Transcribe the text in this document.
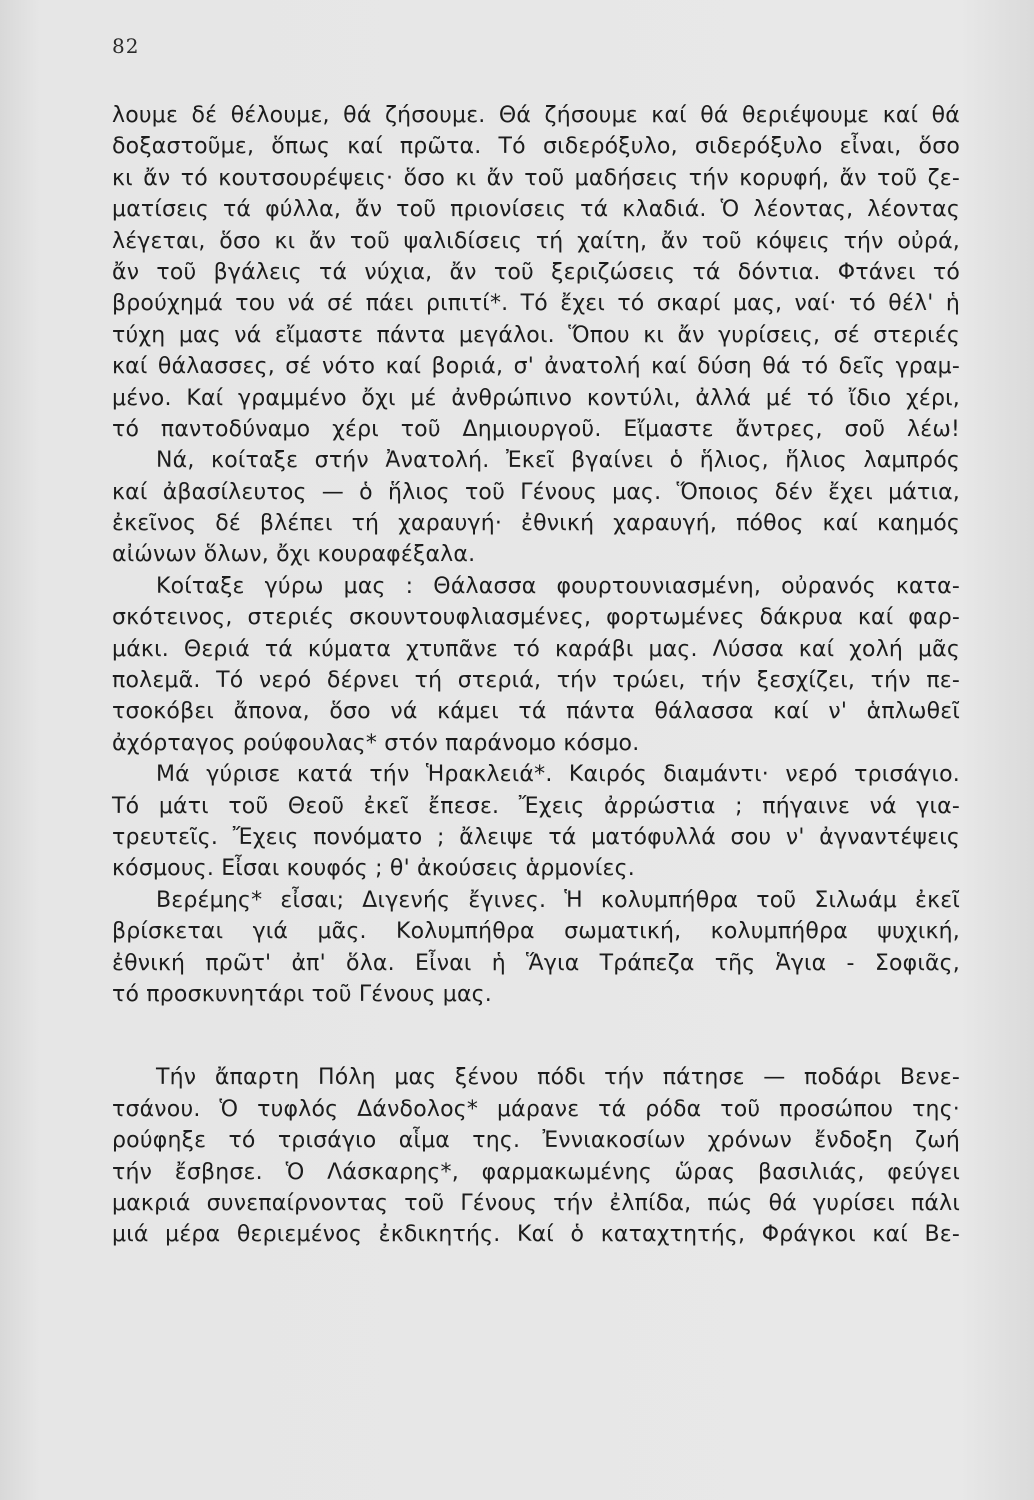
82
λουμε δέ θέλουμε, θά ζήσουμε. Θά ζήσουμε καί θά θεριέψουμε καί θά
δοξαστοῦμε, ὅπως καί πρῶτα. Τό σιδερόξυλο, σιδερόξυλο εἶναι, ὅσο
κι ἄν τό κουτσουρέψεις· ὅσο κι ἄν τοῦ μαδήσεις τήν κορυφή, ἄν τοῦ ζε-
ματίσεις τά φύλλα, ἄν τοῦ πριονίσεις τά κλαδιά. Ὁ λέοντας, λέοντας
λέγεται, ὅσο κι ἄν τοῦ ψαλιδίσεις τή χαίτη, ἄν τοῦ κόψεις τήν οὐρά,
ἄν τοῦ βγάλεις τά νύχια, ἄν τοῦ ξεριζώσεις τά δόντια. Φτάνει τό
βρούχημά του νά σέ πάει ριπιτί*. Τό ἔχει τό σκαρί μας, ναί· τό θέλ' ἡ
τύχη μας νά εἴμαστε πάντα μεγάλοι. Ὅπου κι ἄν γυρίσεις, σέ στεριές
καί θάλασσες, σέ νότο καί βοριά, σ' ἀνατολή καί δύση θά τό δεῖς γραμ-
μένο. Καί γραμμένο ὄχι μέ ἀνθρώπινο κοντύλι, ἀλλά μέ τό ἴδιο χέρι,
τό παντοδύναμο χέρι τοῦ Δημιουργοῦ. Εἴμαστε ἄντρες, σοῦ λέω!
Νά, κοίταξε στήν Ἀνατολή. Ἐκεῖ βγαίνει ὁ ἥλιος, ἥλιος λαμπρός
καί ἀβασίλευτος — ὁ ἥλιος τοῦ Γένους μας. Ὅποιος δέν ἔχει μάτια,
ἐκεῖνος δέ βλέπει τή χαραυγή· ἐθνική χαραυγή, πόθος καί καημός
αἰώνων ὅλων, ὄχι κουραφέξαλα.
Κοίταξε γύρω μας : Θάλασσα φουρτουνιασμένη, οὐρανός κατα-
σκότεινος, στεριές σκουντουφλιασμένες, φορτωμένες δάκρυα καί φαρ-
μάκι. Θεριά τά κύματα χτυπᾶνε τό καράβι μας. Λύσσα καί χολή μᾶς
πολεμᾶ. Τό νερό δέρνει τή στεριά, τήν τρώει, τήν ξεσχίζει, τήν πε-
τσοκόβει ἄπονα, ὅσο νά κάμει τά πάντα θάλασσα καί ν' ἁπλωθεῖ
ἀχόρταγος ρούφουλας* στόν παράνομο κόσμο.
Μά γύρισε κατά τήν Ἡρακλειά*. Καιρός διαμάντι· νερό τρισάγιο.
Τό μάτι τοῦ Θεοῦ ἐκεῖ ἔπεσε. Ἔχεις ἀρρώστια ; πήγαινε νά για-
τρευτεῖς. Ἔχεις πονόματο ; ἄλειψε τά ματόφυλλά σου ν' ἀγναντέψεις
κόσμους. Εἶσαι κουφός ; θ' ἀκούσεις ἁρμονίες.
Βερέμης* εἶσαι; Διγενής ἔγινες. Ἡ κολυμπήθρα τοῦ Σιλωάμ ἐκεῖ
βρίσκεται γιά μᾶς. Κολυμπήθρα σωματική, κολυμπήθρα ψυχική,
ἐθνική πρῶτ' ἀπ' ὅλα. Εἶναι ἡ Ἅγια Τράπεζα τῆς Ἁγια - Σοφιᾶς,
τό προσκυνητάρι τοῦ Γένους μας.
Τήν ἄπαρτη Πόλη μας ξένου πόδι τήν πάτησε — ποδάρι Βενε-
τσάνου. Ὁ τυφλός Δάνδολος* μάρανε τά ρόδα τοῦ προσώπου της·
ρούφηξε τό τρισάγιο αἷμα της. Ἐννιακοσίων χρόνων ἔνδοξη ζωή
τήν ἔσβησε. Ὁ Λάσκαρης*, φαρμακωμένης ὥρας βασιλιάς, φεύγει
μακριά συνεπαίρνοντας τοῦ Γένους τήν ἐλπίδα, πώς θά γυρίσει πάλι
μιά μέρα θεριεμένος ἐκδικητής. Καί ὁ καταχτητής, Φράγκοι καί Βε-
